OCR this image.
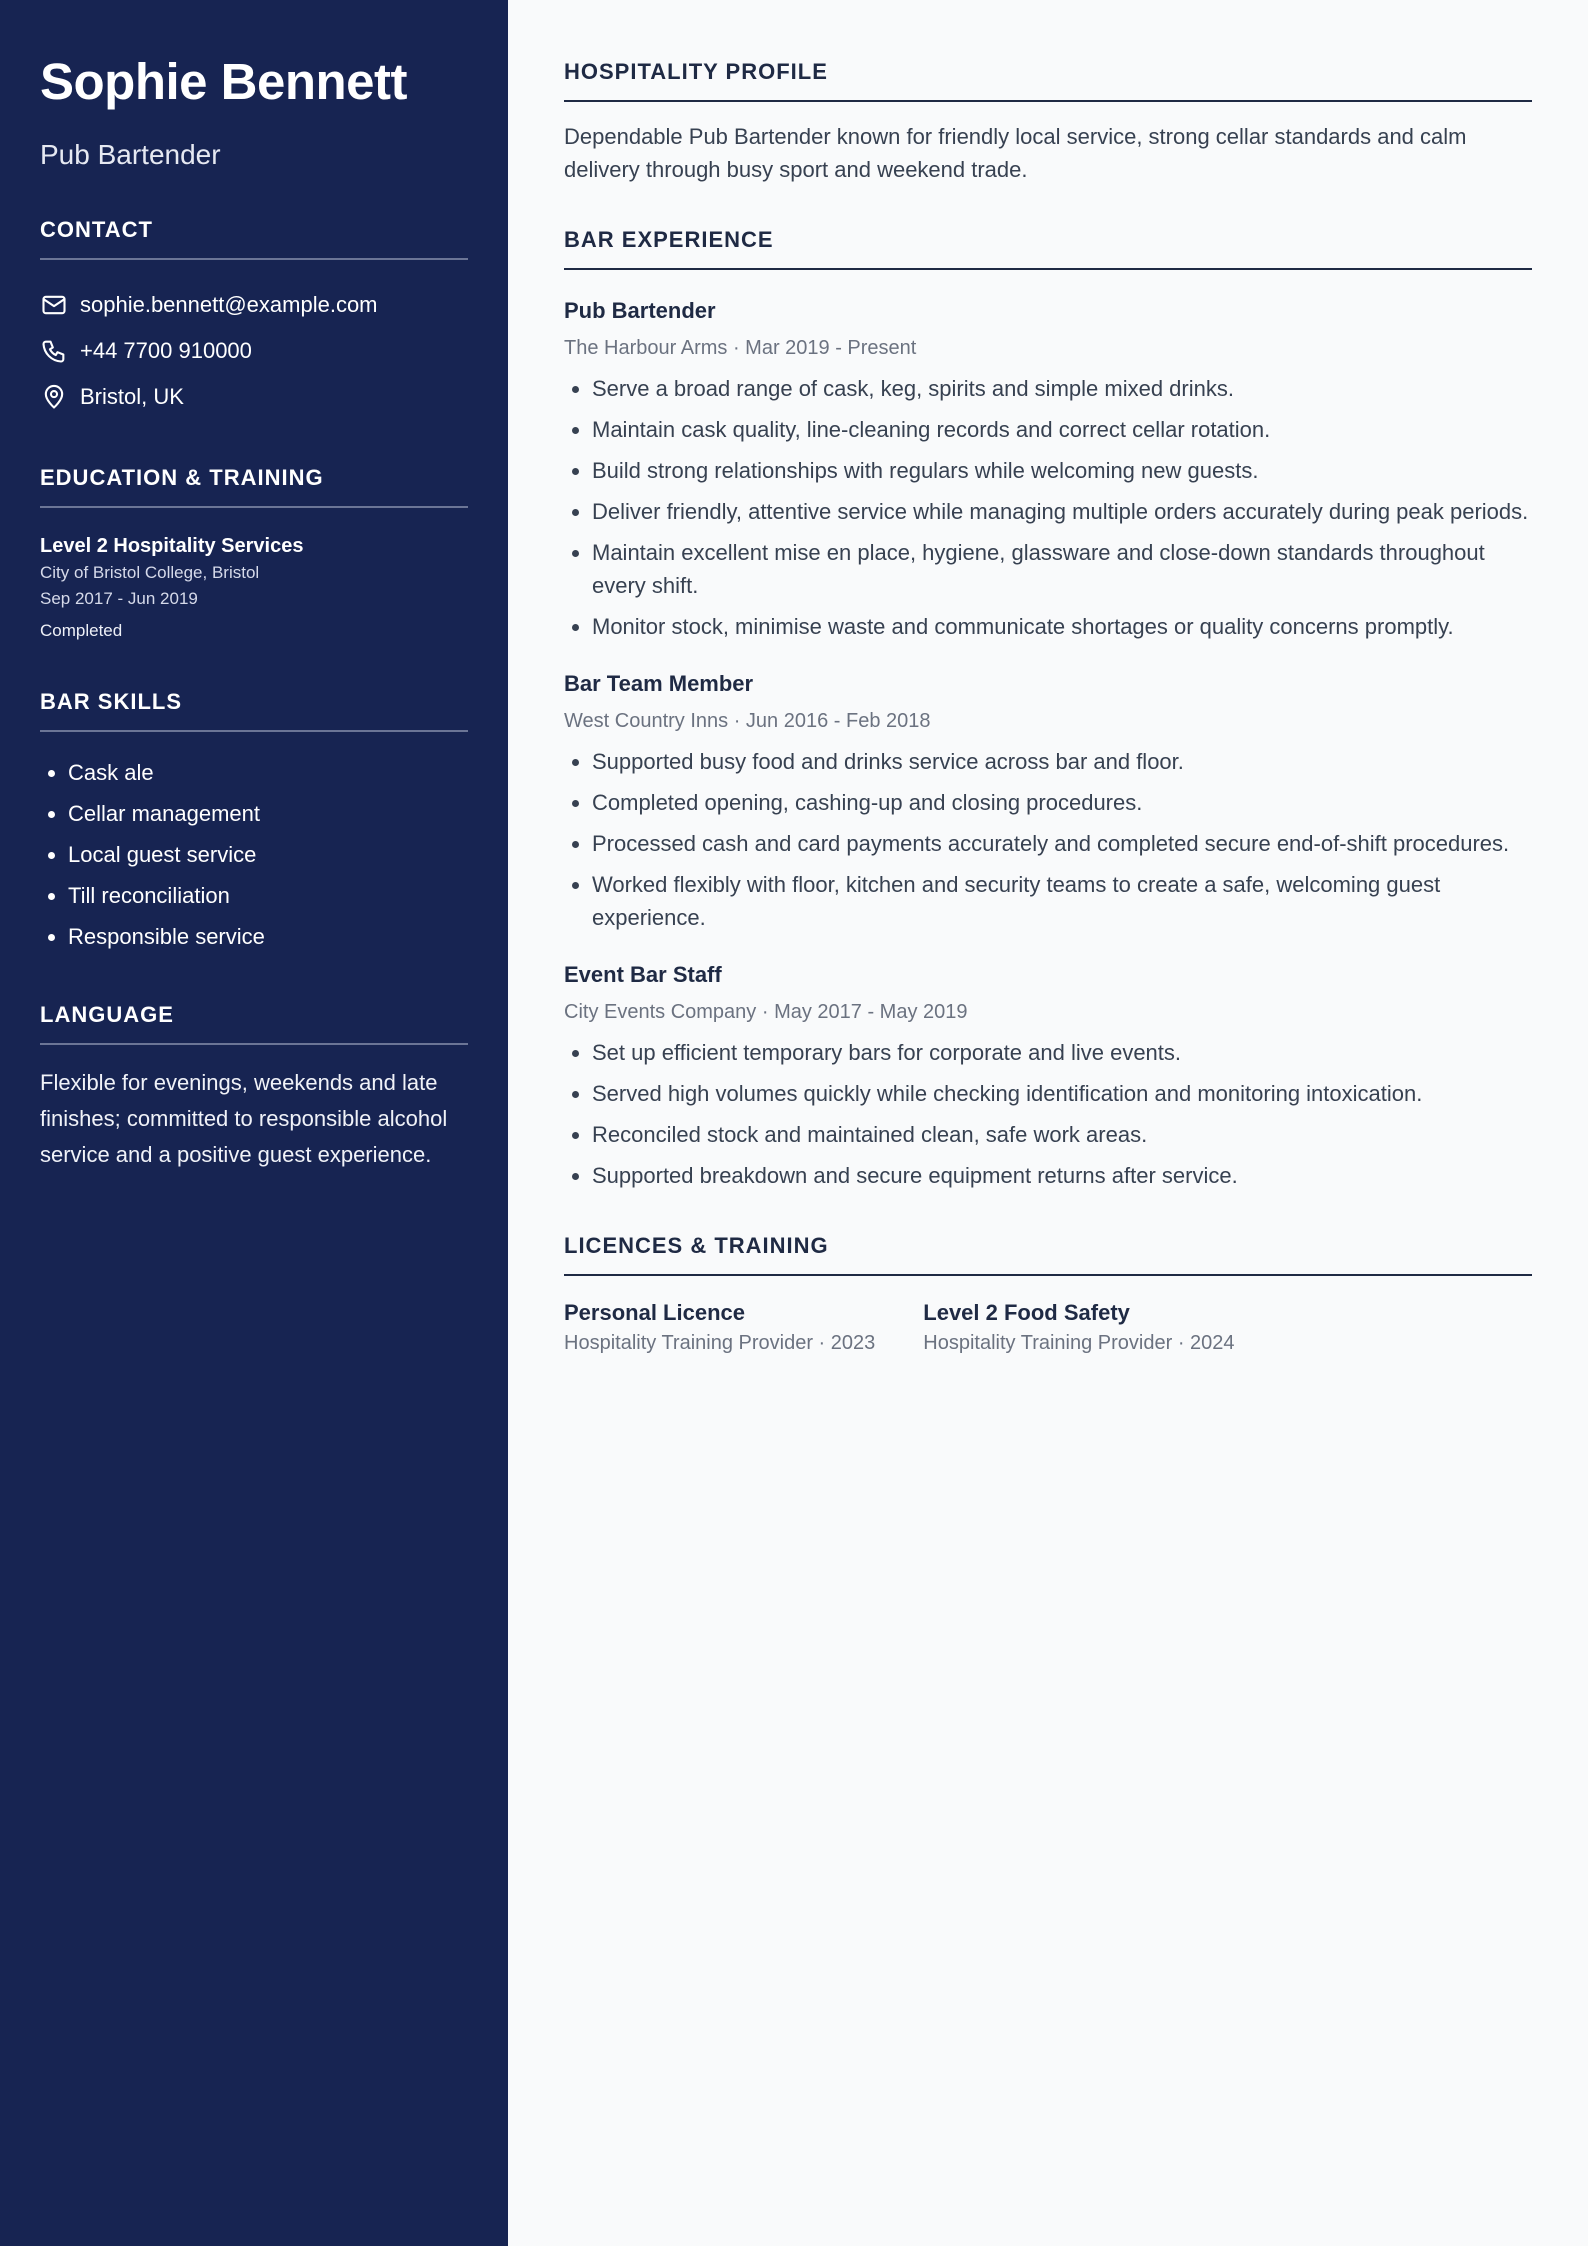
Sophie Bennett
Pub Bartender
CONTACT
sophie.bennett@example.com
+44 7700 910000
Bristol, UK
EDUCATION & TRAINING
Level 2 Hospitality Services
City of Bristol College, Bristol
Sep 2017 - Jun 2019
Completed
BAR SKILLS
• Cask ale
• Cellar management
• Local guest service
• Till reconciliation
• Responsible service
LANGUAGE
Flexible for evenings, weekends and late finishes; committed to responsible alcohol service and a positive guest experience.
HOSPITALITY PROFILE
Dependable Pub Bartender known for friendly local service, strong cellar standards and calm delivery through busy sport and weekend trade.
BAR EXPERIENCE
Pub Bartender
The Harbour Arms · Mar 2019 - Present
• Serve a broad range of cask, keg, spirits and simple mixed drinks.
• Maintain cask quality, line-cleaning records and correct cellar rotation.
• Build strong relationships with regulars while welcoming new guests.
• Deliver friendly, attentive service while managing multiple orders accurately during peak periods.
• Maintain excellent mise en place, hygiene, glassware and close-down standards throughout every shift.
• Monitor stock, minimise waste and communicate shortages or quality concerns promptly.
Bar Team Member
West Country Inns · Jun 2016 - Feb 2018
• Supported busy food and drinks service across bar and floor.
• Completed opening, cashing-up and closing procedures.
• Processed cash and card payments accurately and completed secure end-of-shift procedures.
• Worked flexibly with floor, kitchen and security teams to create a safe, welcoming guest experience.
Event Bar Staff
City Events Company · May 2017 - May 2019
• Set up efficient temporary bars for corporate and live events.
• Served high volumes quickly while checking identification and monitoring intoxication.
• Reconciled stock and maintained clean, safe work areas.
• Supported breakdown and secure equipment returns after service.
LICENCES & TRAINING
Personal Licence
Hospitality Training Provider · 2023
Level 2 Food Safety
Hospitality Training Provider · 2024
